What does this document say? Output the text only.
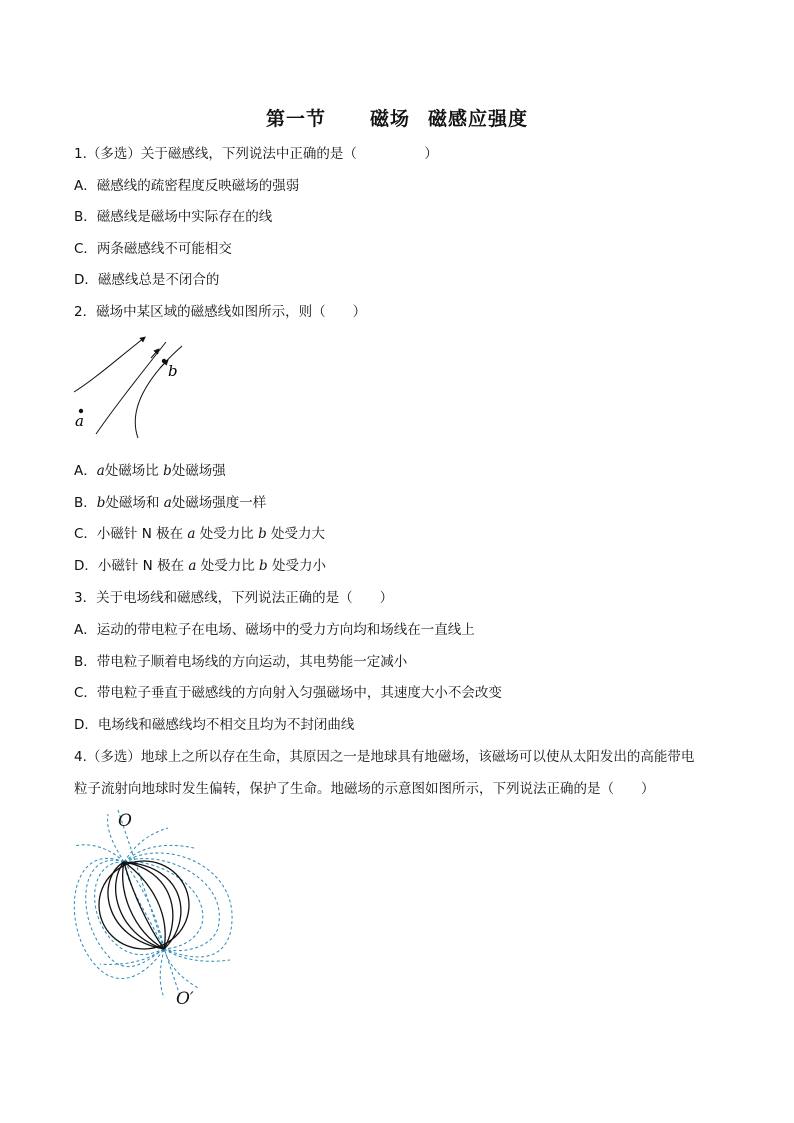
第一节 磁场 磁感应强度
1.（多选）关于磁感线，下列说法中正确的是（　　　　　）
A．磁感线的疏密程度反映磁场的强弱
B．磁感线是磁场中实际存在的线
C．两条磁感线不可能相交
D．磁感线总是不闭合的
2．磁场中某区域的磁感线如图所示，则（　　）
b
a
A．a处磁场比 b处磁场强
B．b处磁场和 a处磁场强度一样
C．小磁针 N 极在 a 处受力比 b 处受力大
D．小磁针 N 极在 a 处受力比 b 处受力小
3．关于电场线和磁感线，下列说法正确的是（　　）
A．运动的带电粒子在电场、磁场中的受力方向均和场线在一直线上
B．带电粒子顺着电场线的方向运动，其电势能一定减小
C．带电粒子垂直于磁感线的方向射入匀强磁场中，其速度大小不会改变
D．电场线和磁感线均不相交且均为不封闭曲线
4.（多选）地球上之所以存在生命，其原因之一是地球具有地磁场，该磁场可以使从太阳发出的高能带电
粒子流射向地球时发生偏转，保护了生命。地磁场的示意图如图所示，下列说法正确的是（　　）
O
O′
